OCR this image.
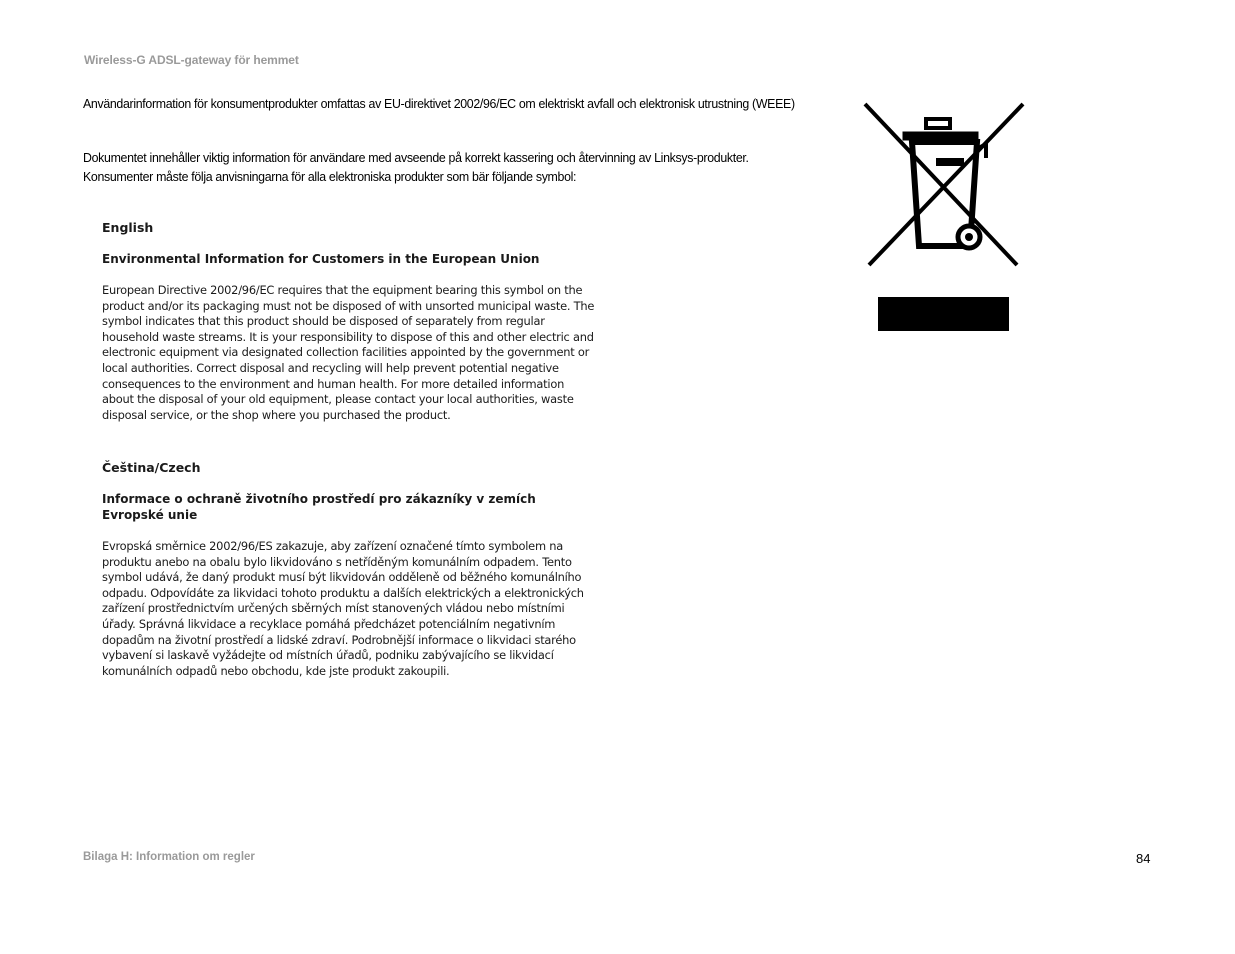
Wireless-G ADSL-gateway för hemmet
Användarinformation för konsumentprodukter omfattas av EU-direktivet 2002/96/EC om elektriskt avfall och elektronisk utrustning (WEEE)
Dokumentet innehåller viktig information för användare med avseende på korrekt kassering och återvinning av Linksys-produkter. Konsumenter måste följa anvisningarna för alla elektroniska produkter som bär följande symbol:
English
Environmental Information for Customers in the European Union

European Directive 2002/96/EC requires that the equipment bearing this symbol on the product and/or its packaging must not be disposed of with unsorted municipal waste. The symbol indicates that this product should be disposed of separately from regular household waste streams. It is your responsibility to dispose of this and other electric and electronic equipment via designated collection facilities appointed by the government or local authorities. Correct disposal and recycling will help prevent potential negative consequences to the environment and human health. For more detailed information about the disposal of your old equipment, please contact your local authorities, waste disposal service, or the shop where you purchased the product.

Čeština/Czech
Informace o ochraně životního prostředí pro zákazníky v zemích Evropské unie

Evropská směrnice 2002/96/ES zakazuje, aby zařízení označené tímto symbolem na produktu anebo na obalu bylo likvidováno s netříděným komunálním odpadem. Tento symbol udává, že daný produkt musí být likvidován odděleně od běžného komunálního odpadu. Odpovídáte za likvidaci tohoto produktu a dalších elektrických a elektronických zařízení prostřednictvím určených sběrných míst stanovených vládou nebo místními úřady. Správná likvidace a recyklace pomáhá předcházet potenciálním negativním dopadům na životní prostředí a lidské zdraví. Podrobnější informace o likvidaci starého vybavení si laskavě vyžádejte od místních úřadů, podniku zabývajícího se likvidací komunálních odpadů nebo obchodu, kde jste produkt zakoupili.

Bilaga H: Information om regler	84
